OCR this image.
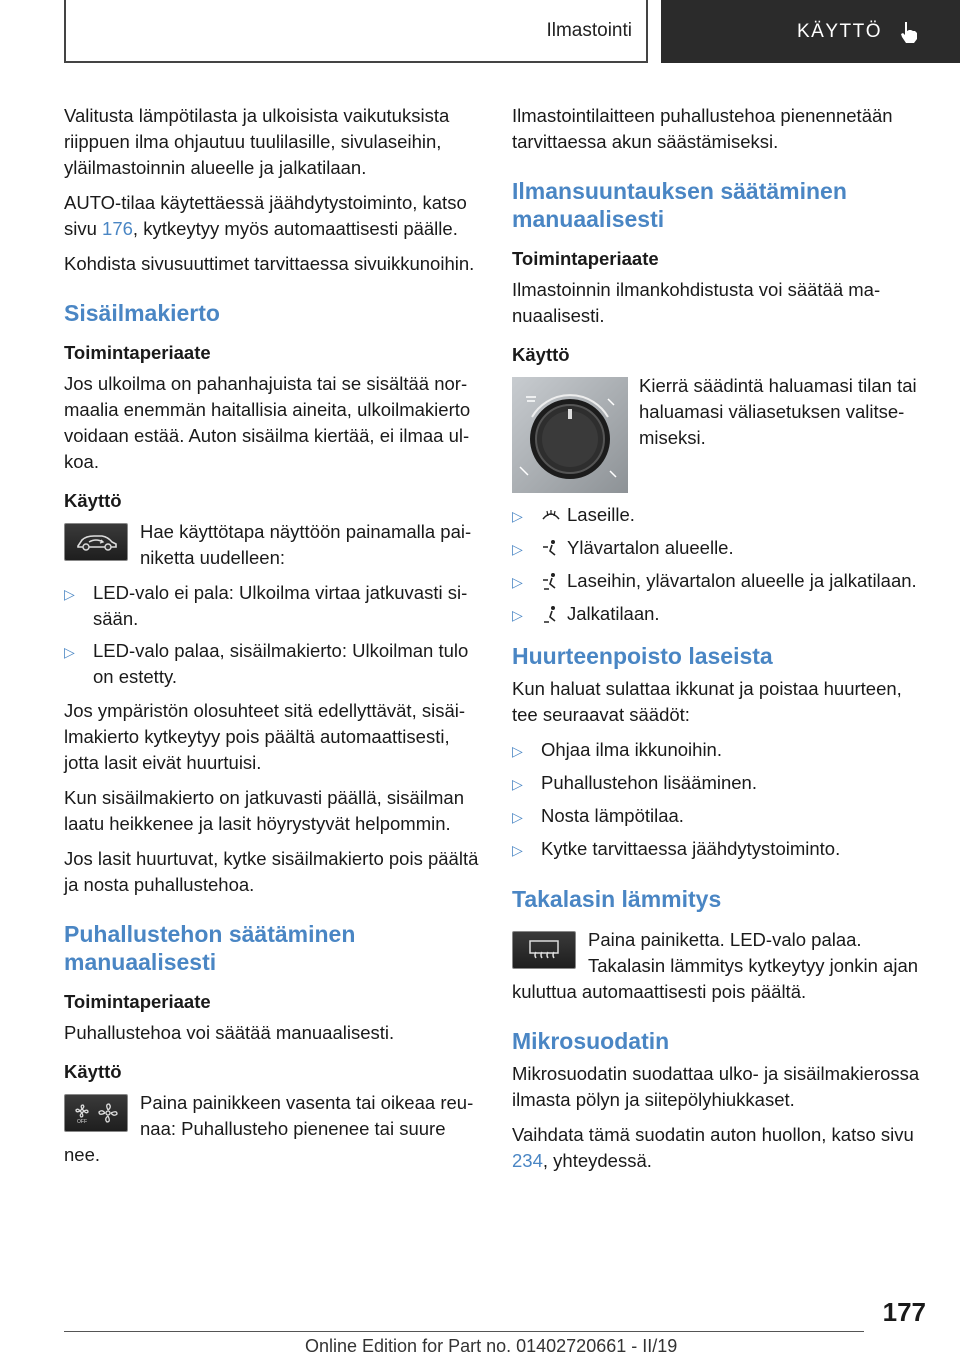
Ilmastointi	KÄYTTÖ

Valitusta lämpötilasta ja ulkoisista vaikutuksista riippuen ilma ohjautuu tuulilasille, sivulaseihin, yläilmastoinnin alueelle ja jalkatilaan.

AUTO-tilaa käytettäessä jäähdytystoiminto, katso sivu 176, kytkeytyy myös automaattisesti päälle.

Kohdista sivusuuttimet tarvittaessa sivuikkunoihin.

Sisäilmakierto
Toimintaperiaate

Jos ulkoilma on pahanhajuista tai se sisältää normaalia enemmän haitallisia aineita, ulkoilmakierto voidaan estää. Auton sisäilma kiertää, ei ilmaa ulkoa.

Käyttö

Hae käyttötapa näyttöön painamalla painiketta uudelleen:

▷ LED-valo ei pala: Ulkoilma virtaa jatkuvasti sisään.
▷ LED-valo palaa, sisäilmakierto: Ulkoilman tulo on estetty.

Jos ympäristön olosuhteet sitä edellyttävät, sisäilmakierto kytkeytyy pois päältä automaattisesti, jotta lasit eivät huurtuisi.

Kun sisäilmakierto on jatkuvasti päällä, sisäilman laatu heikkenee ja lasit höyrystyvät helpommin.

Jos lasit huurtuvat, kytke sisäilmakierto pois päältä ja nosta puhallustehoa.

Puhallustehon säätäminen manuaalisesti
Toimintaperiaate

Puhallustehoa voi säätää manuaalisesti.

Käyttö
OFF

Paina painikkeen vasenta tai oikeaa reunaa: Puhallusteho pienenee tai suure

nee.

Ilmastointilaitteen puhallustehoa pienennetään tarvittaessa akun säästämiseksi.

Ilmansuuntauksen säätäminen manuaalisesti
Toimintaperiaate

Ilmastoinnin ilmankohdistusta voi säätää manuaalisesti.

Käyttö

Kierrä säädintä haluamasi tilan tai haluamasi väliasetuksen valitsemiseksi.

▷	Laseille.
▷	Ylävartalon alueelle.
▷	Laseihin, ylävartalon alueelle ja jalkatilaan.
▷	Jalkatilaan.
Huurteenpoisto laseista

Kun haluat sulattaa ikkunat ja poistaa huurteen, tee seuraavat säädöt:

▷ Ohjaa ilma ikkunoihin.
▷ Puhallustehon lisääminen.
▷ Nosta lämpötilaa.
▷ Kytke tarvittaessa jäähdytystoiminto.
Takalasin lämmitys

Paina painiketta. LED-valo palaa.

Takalasin lämmitys kytkeytyy jonkin ajan

kuluttua automaattisesti pois päältä.

Mikrosuodatin

Mikrosuodatin suodattaa ulko- ja sisäilmakierossa ilmasta pölyn ja siitepölyhiukkaset.

Vaihdata tämä suodatin auton huollon, katso sivu 234, yhteydessä.

177
Online Edition for Part no. 01402720661 - II/19
